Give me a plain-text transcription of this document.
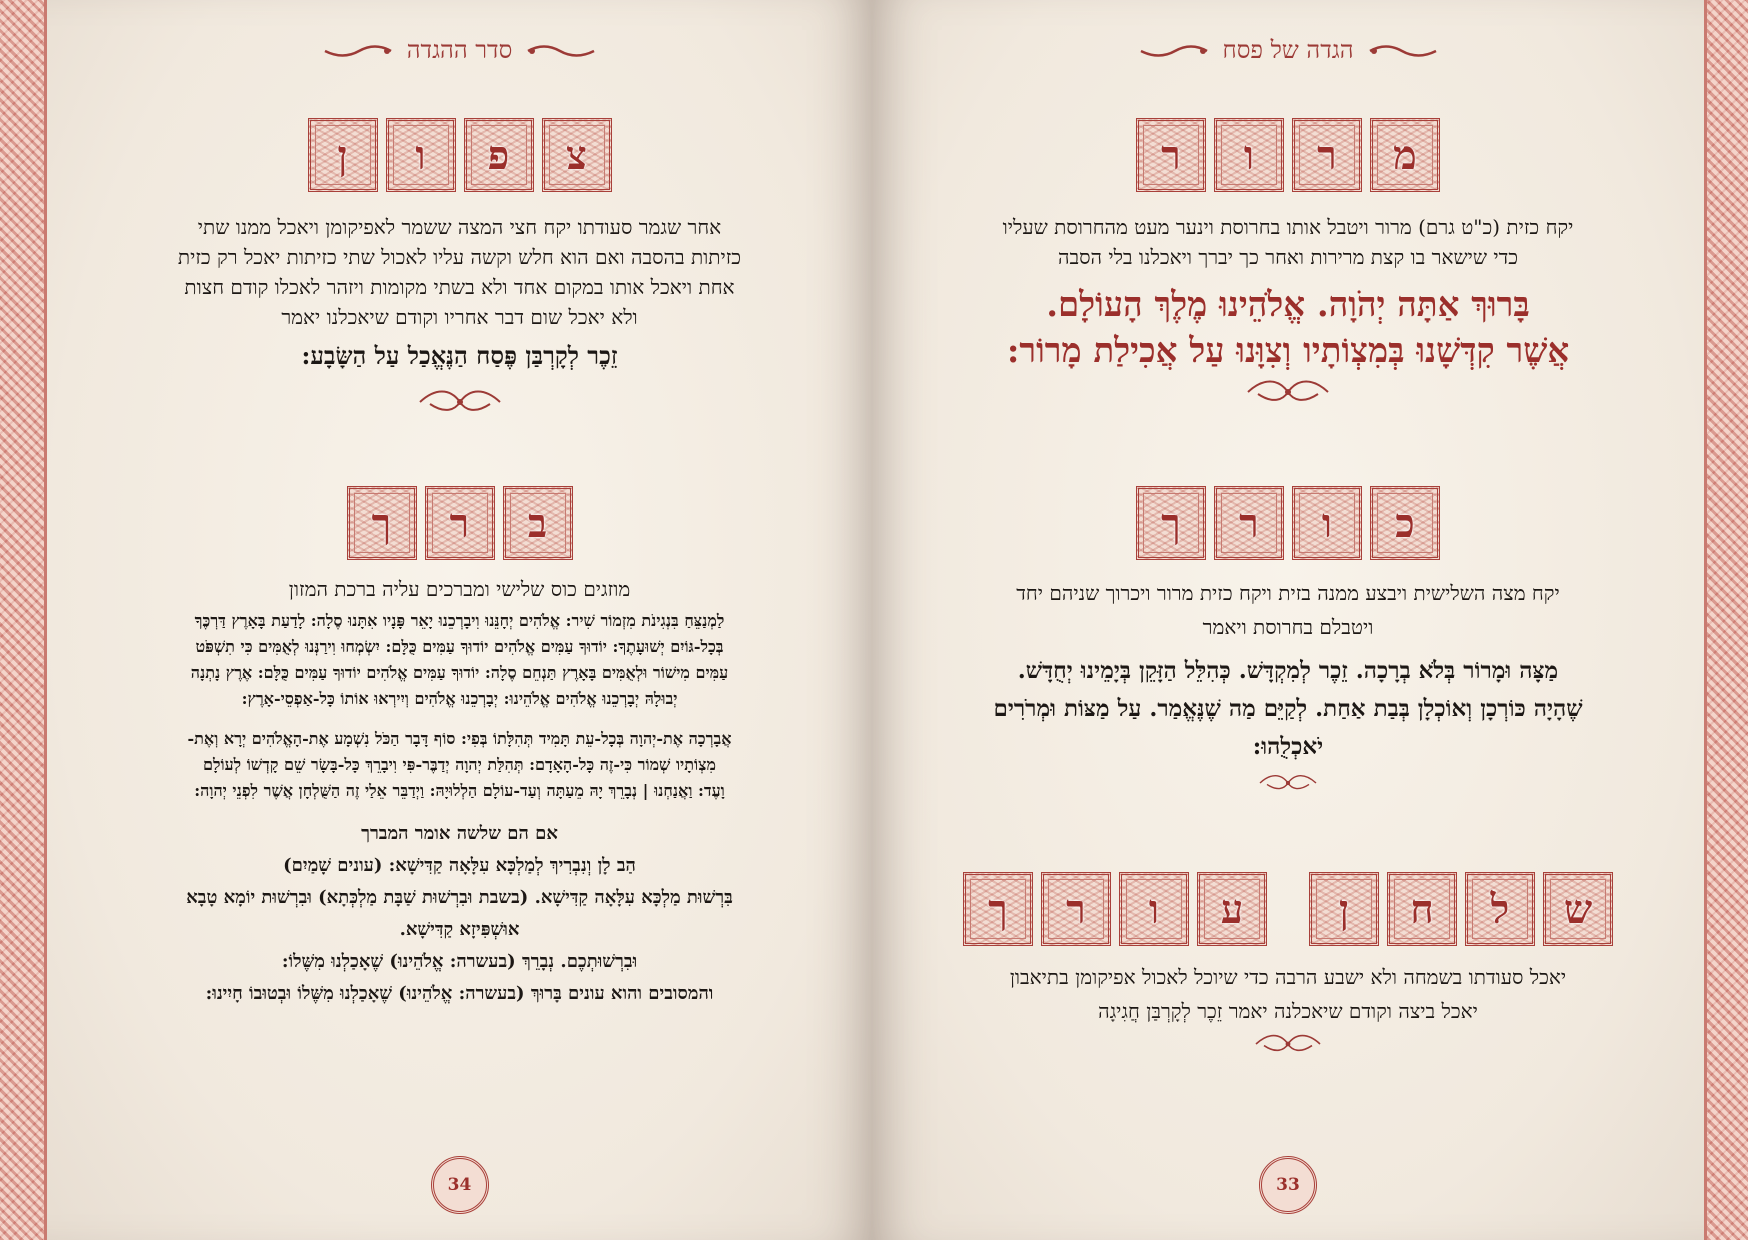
סדר ההגדה
צ
פ
ו
ן
אחר שגמר סעודתו יקח חצי המצה ששמר לאפיקומן ויאכל ממנו שתי
כזיתות בהסבה ואם הוא חלש וקשה עליו לאכול שתי כזיתות יאכל רק כזית
אחת ויאכל אותו במקום אחד ולא בשתי מקומות ויזהר לאכלו קודם חצות
ולא יאכל שום דבר אחריו וקודם שיאכלנו יאמר
זֵכֶר לְקָרְבַּן פֶּסַח הַנֶּאֱכַל עַל הַשָּׂבָע:
ב
ר
ך
מוזגים כוס שלישי ומברכים עליה ברכת המזון
לַמְנַצֵּחַ בִּנְגִינֹת מִזְמוֹר שִׁיר: אֱלֹהִים יְחָנֵּנוּ וִיבָרְכֵנוּ יָאֵר פָּנָיו אִתָּנוּ סֶלָה: לָדַעַת בָּאָרֶץ דַּרְכֶּךָ
בְּכָל-גּוֹיִם יְשׁוּעָתֶךָ: יוֹדוּךָ עַמִּים אֱלֹהִים יוֹדוּךָ עַמִּים כֻּלָּם: יִשְׂמְחוּ וִירַנְּנוּ לְאֻמִּים כִּי תִשְׁפֹּט
עַמִּים מִישׁוֹר וּלְאֻמִּים בָּאָרֶץ תַּנְחֵם סֶלָה: יוֹדוּךָ עַמִּים אֱלֹהִים יוֹדוּךָ עַמִּים כֻּלָּם: אֶרֶץ נָתְנָה
יְבוּלָהּ יְבָרְכֵנוּ אֱלֹהִים אֱלֹהֵינוּ: יְבָרְכֵנוּ אֱלֹהִים וְיִירְאוּ אוֹתוֹ כָּל-אַפְסֵי-אָרֶץ:
אֲבָרְכָה אֶת-יְהוָה בְּכָל-עֵת תָּמִיד תְּהִלָּתוֹ בְּפִי: סוֹף דָּבָר הַכֹּל נִשְׁמָע אֶת-הָאֱלֹהִים יְרָא וְאֶת-
מִצְוֹתָיו שְׁמוֹר כִּי-זֶה כָּל-הָאָדָם: תְּהִלַּת יְהוָה יְדַבֶּר-פִּי וִיבָרֵךְ כָּל-בָּשָׂר שֵׁם קָדְשׁוֹ לְעוֹלָם
וָעֶד: וַאֲנַחְנוּ | נְבָרֵךְ יָהּ מֵעַתָּה וְעַד-עוֹלָם הַלְלוּיָהּ: וַיְדַבֵּר אֵלַי זֶה הַשֻּׁלְחָן אֲשֶׁר לִפְנֵי יְהוָה:
אם הם שלשה אומר המברך
הַב לָן וְנִבְרִיךְ לְמַלְכָּא עִלָּאָה קַדִּישָׁא: (עונים שָׁמַיִם)
בִּרְשׁוּת מַלְכָּא עִלָּאָה קַדִּישָׁא. (בשבת וּבִרְשׁוּת שַׁבָּת מַלְכְּתָא) וּבִרְשׁוּת יוֹמָא טָבָא
אוּשְׁפִּיזָא קַדִּישָׁא.
וּבִרְשׁוּתְכֶם. נְבָרֵךְ (בעשרה: אֱלֹהֵינוּ) שֶׁאָכַלְנוּ מִשֶּׁלוֹ:
והמסובים והוא עונים בָּרוּךְ (בעשרה: אֱלֹהֵינוּ) שֶׁאָכַלְנוּ מִשֶּׁלוֹ וּבְטוּבוֹ חָיִינוּ:
34
הגדה של פסח
מ
ר
ו
ר
יקח כזית (כ"ט גרם) מרור ויטבל אותו בחרוסת וינער מעט מהחרוסת שעליו
כדי שישאר בו קצת מרירות ואחר כך יברך ויאכלנו בלי הסבה
בָּרוּךְ אַתָּה יְהֹוָה. אֱלֹהֵינוּ מֶלֶךְ הָעוֹלָם.
אֲשֶׁר קִדְּשָׁנוּ בְּמִצְוֹתָיו וְצִוָּנוּ עַל אֲכִילַת מָרוֹר:
כ
ו
ר
ך
יקח מצה השלישית ויבצע ממנה בזית ויקח כזית מרור ויכרוך שניהם יחד
ויטבלם בחרוסת ויאמר
מַצָּה וּמָרוֹר בְּלֹא בְרָכָה. זֵכֶר לְמִקְדָּשׁ. כְּהִלֵּל הַזָּקֵן בְּיָמֵינוּ יְחֻדָּשׁ.
שֶׁהָיָה כּוֹרְכָן וְאוֹכְלָן בְּבַת אַחַת. לְקַיֵּם מַה שֶׁנֶּאֱמַר. עַל מַצּוֹת וּמְרֹרִים
יֹאכְלֻהוּ:
ש
ל
ח
ן
ע
ו
ר
ך
יאכל סעודתו בשמחה ולא ישבע הרבה כדי שיוכל לאכול אפיקומן בתיאבון
יאכל ביצה וקודם שיאכלנה יאמר זֵכֶר לְקָרְבַּן חֲגִיגָה
33
